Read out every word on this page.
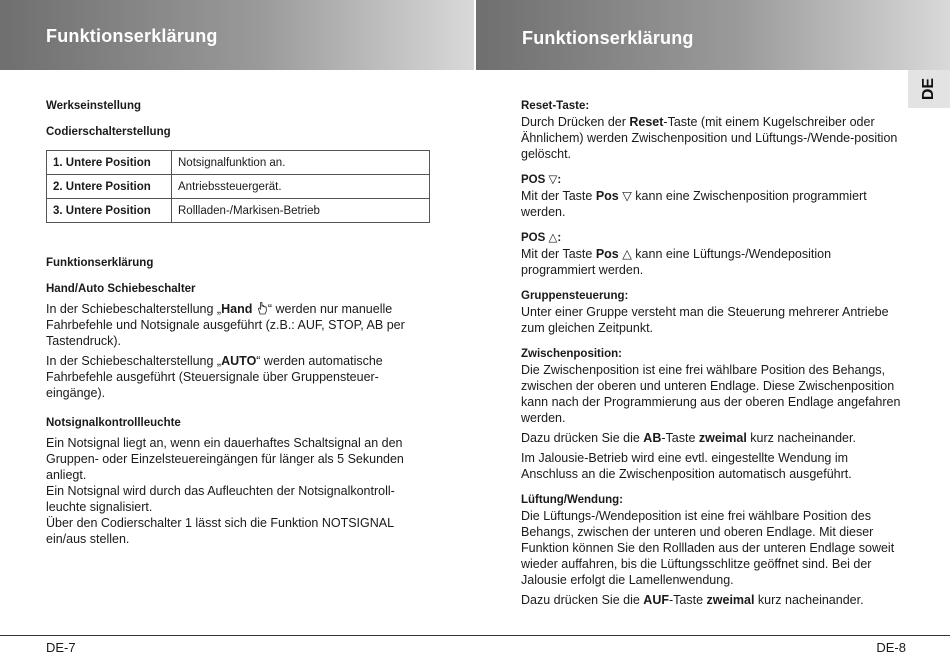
Funktionserklärung	Funktionserklärung
DE

Werkseinstellung

Codierschalterstellung

1. Untere Position	Notsignalfunktion an.
2. Untere Position	Antriebssteuergerät.
3. Untere Position	Rollladen-/Markisen-Betrieb

Funktionserklärung

Hand/Auto Schiebeschalter

In der Schiebeschalterstellung „Hand “ werden nur manuelle Fahrbefehle und Notsignale ausgeführt (z.B.: AUF, STOP, AB per Tastendruck).

In der Schiebeschalterstellung „AUTO“ werden automatische Fahrbefehle ausgeführt (Steuersignale über Gruppensteuer-eingänge).

Notsignalkontrollleuchte

Ein Notsignal liegt an, wenn ein dauerhaftes Schaltsignal an den Gruppen- oder Einzelsteuereingängen für länger als 5 Sekunden anliegt.

Ein Notsignal wird durch das Aufleuchten der Notsignalkontroll-leuchte signalisiert.

Über den Codierschalter 1 lässt sich die Funktion NOTSIGNAL ein/aus stellen.

Reset-Taste:

Durch Drücken der Reset-Taste (mit einem Kugelschreiber oder Ähnlichem) werden Zwischenposition und Lüftungs-/Wende-position gelöscht.

POS ▽:

Mit der Taste Pos ▽ kann eine Zwischenposition programmiert werden.

POS △:

Mit der Taste Pos △ kann eine Lüftungs-/Wendeposition programmiert werden.

Gruppensteuerung:

Unter einer Gruppe versteht man die Steuerung mehrerer Antriebe zum gleichen Zeitpunkt.

Zwischenposition:

Die Zwischenposition ist eine frei wählbare Position des Behangs, zwischen der oberen und unteren Endlage. Diese Zwischenposition kann nach der Programmierung aus der oberen Endlage angefahren werden.

Dazu drücken Sie die AB-Taste zweimal kurz nacheinander.

Im Jalousie-Betrieb wird eine evtl. eingestellte Wendung im Anschluss an die Zwischenposition automatisch ausgeführt.

Lüftung/Wendung:

Die Lüftungs-/Wendeposition ist eine frei wählbare Position des Behangs, zwischen der unteren und oberen Endlage. Mit dieser Funktion können Sie den Rollladen aus der unteren Endlage soweit wieder auffahren, bis die Lüftungsschlitze geöffnet sind. Bei der Jalousie erfolgt die Lamellenwendung.

Dazu drücken Sie die AUF-Taste zweimal kurz nacheinander.

DE-7	DE-8
